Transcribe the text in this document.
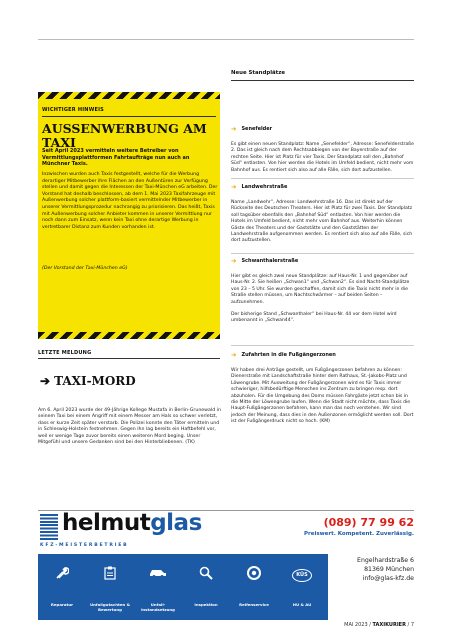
WICHTIGER HINWEIS
AUSSENWERBUNG AM TAXI
Seit April 2023 vermitteln weitere Betreiber von Vermittlungsplattformen Fahrtaufträge nun auch an Münchner Taxis.
Inzwischen wurden auch Taxis festgestellt, welche für die Werbung derartiger Mitbewerber ihre Flächen an den Außentüren zur Verfügung stellen und damit gegen die Interessen der Taxi-München eG arbeiten. Der Vorstand hat deshalb beschlossen, ab dem 1. Mai 2023 Taxifahrzeuge mit Außenwerbung solcher plattform-basiert vermittelnder Mitbewerber in unserer Vermittlungsprozedur nachrangig zu priorisieren. Das heißt, Taxis mit Außenwerbung solcher Anbieter kommen in unserer Vermittlung nur noch dann zum Einsatz, wenn kein Taxi ohne derartige Werbung in vertretbarer Distanz zum Kunden vorhanden ist.
(Der Vorstand der Taxi-München eG)
LETZTE MELDUNG
➔ TAXI-MORD
Am 6. April 2023 wurde der 49-Jährige Kollege Mustafa in Berlin-Grunewald in seinem Taxi bei einem Angriff mit einem Messer am Hals so schwer verletzt, dass er kurze Zeit später verstarb. Die Polizei konnte den Täter ermitteln und in Schleswig-Holstein festnehmen. Gegen ihn lag bereits ein Haftbefehl vor, weil er wenige Tage zuvor bereits einen weiteren Mord beging. Unser Mitgefühl und unsere Gedanken sind bei den Hinterbliebenen. (TK)
Neue Standplätze
➔ Senefelder

Es gibt einen neuen Standplatz: Name „Senefelder“, Adresse: Senefelderstraße 2. Das ist gleich nach dem Rechtsabbiegen von der Bayerstraße auf der rechten Seite. Hier ist Platz für vier Taxis. Der Standplatz soll den „Bahnhof Süd“ entlasten. Von hier werden die Hotels im Umfeld bedient, nicht mehr vom Bahnhof aus. Es rentiert sich also auf alle Fälle, sich dort aufzustellen.

➔ Landwehrstraße

Name „Landwehr“, Adresse: Landwehrstraße 16. Das ist direkt auf der Rückseite des Deutschen Theaters. Hier ist Platz für zwei Taxis. Der Standplatz soll tagsüber ebenfalls den „Bahnhof Süd“ entlasten. Von hier werden die Hotels im Umfeld bedient, nicht mehr vom Bahnhof aus. Weiterhin können Gäste des Theaters und der Gaststätte und den Gaststätten der Landwehrstraße aufgenommen werden. Es rentiert sich also auf alle Fälle, sich dort aufzustellen.

➔ Schwanthalerstraße

Hier gibt es gleich zwei neue Standplätze: auf Haus-Nr. 1 und gegenüber auf Haus-Nr. 2. Sie heißen „Schwan1“ und „Schwan2“. Es sind Nacht-Standplätze von 23 – 5 Uhr. Sie wurden geschaffen, damit sich die Taxis nicht mehr in die Straße stellen müssen, um Nachtschwärmer – auf beiden Seiten – aufzunehmen.

Der bisherige Stand „Schwanthaler“ bei Haus-Nr. 44 vor dem Hotel wird umbenannt in „Schwan44“.

➔ Zufahrten in die Fußgängerzonen

Wir haben drei Anträge gestellt, um Fußgängerzonen befahren zu können: Dienerstraße mit Landschaftstraße hinter dem Rathaus, St.-Jakobs-Platz und Löwengrube. Mit Ausweitung der Fußgängerzonen wird es für Taxis immer schwieriger, hilfsbedürftige Menschen ins Zentrum zu bringen resp. dort abzuholen. Für die Umgebung des Doms müssen Fahrgäste jetzt schon bis in die Mitte der Löwengrube laufen. Wenn die Stadt nicht möchte, dass Taxis die Haupt-Fußgängerzonen befahren, kann man das noch verstehen. Wir sind jedoch der Meinung, dass dies in den Außenzonen ermöglicht werden soll. Dort ist der Fußgängerdruck nicht so hoch. (KM)

helmutglas
KFZ-MEISTERBETRIEB
(089) 77 99 62
Preiswert. Kompetent. Zuverlässig.
Reparatur	Unfallgutachten & Bewertung
Unfall-instandsetzung
Inspektion	Reifenservice
KÜS
HU & AU
Engelhardstraße 6
81369 München
info@glas-kfz.de
MAI 2023 / TAXIKURIER / 7
